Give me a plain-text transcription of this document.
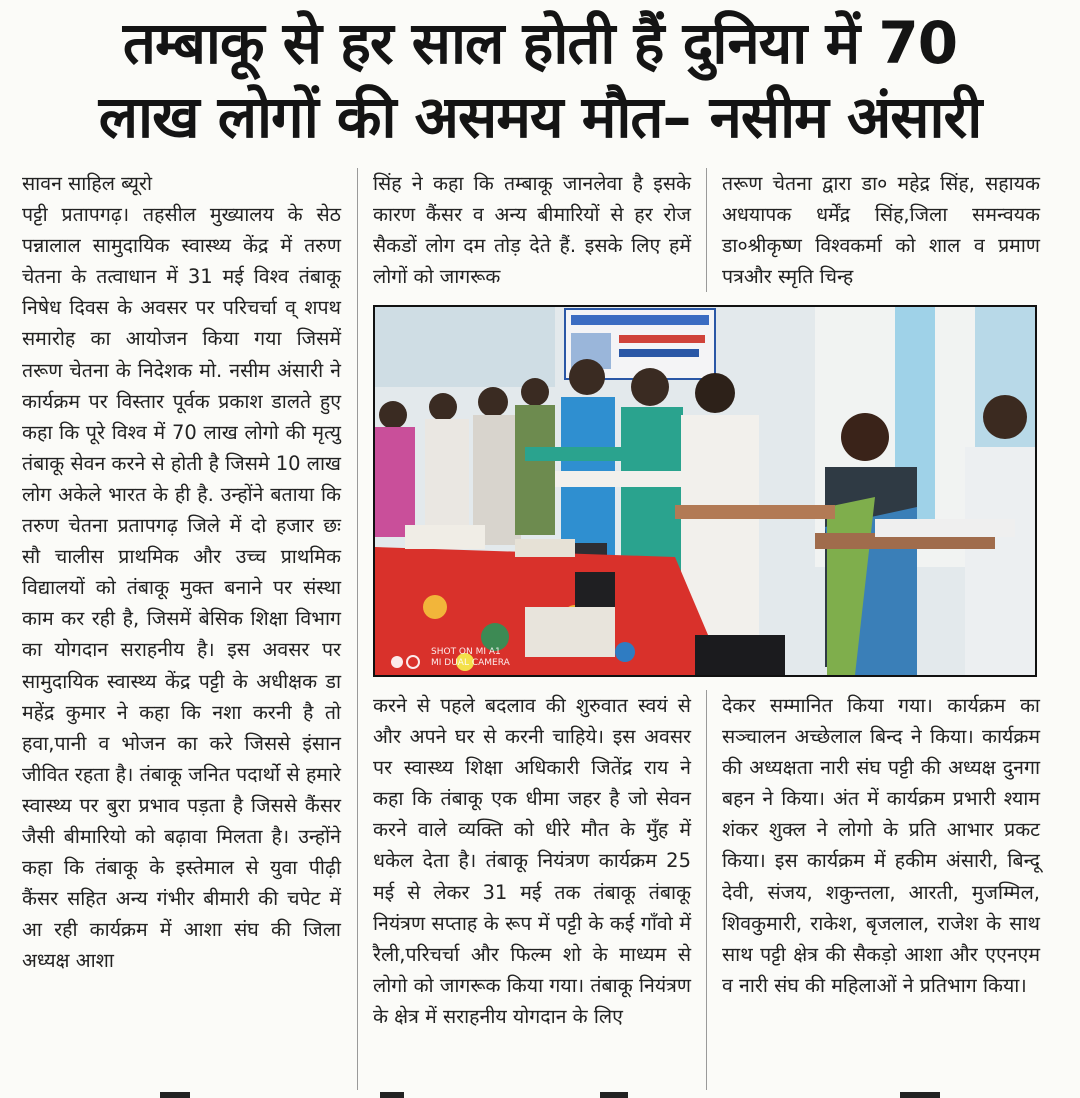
तम्बाकू से हर साल होती हैं दुनिया में 70
लाख लोगों की असमय मौत– नसीम अंसारी

सावन साहिल ब्यूरो

पट्टी प्रतापगढ़। तहसील मुख्यालय के सेठ पन्नालाल सामुदायिक स्वास्थ्य केंद्र में तरुण चेतना के तत्वाधान में 31 मई विश्व तंबाकू निषेध दिवस के अवसर पर परिचर्चा व् शपथ समारोह का आयोजन किया गया जिसमें तरूण चेतना के निदेशक मो. नसीम अंसारी ने कार्यक्रम पर विस्तार पूर्वक प्रकाश डालते हुए कहा कि पूरे विश्व में 70 लाख लोगो की मृत्यु तंबाकू सेवन करने से होती है जिसमे 10 लाख लोग अकेले भारत के ही है. उन्होंने बताया कि तरुण चेतना प्रतापगढ़ जिले में दो हजार छः सौ चालीस प्राथमिक और उच्च प्राथमिक विद्यालयों को तंबाकू मुक्त बनाने पर संस्था काम कर रही है, जिसमें बेसिक शिक्षा विभाग का योगदान सराहनीय है। इस अवसर पर सामुदायिक स्वास्थ्य केंद्र पट्टी के अधीक्षक डा महेंद्र कुमार ने कहा कि नशा करनी है तो हवा,पानी व भोजन का करे जिससे इंसान जीवित रहता है। तंबाकू जनित पदार्थो से हमारे स्वास्थ्य पर बुरा प्रभाव पड़ता है जिससे कैंसर जैसी बीमारियो को बढ़ावा मिलता है। उन्होंने कहा कि तंबाकू के इस्तेमाल से युवा पीढ़ी कैंसर सहित अन्य गंभीर बीमारी की चपेट में आ रही कार्यक्रम में आशा संघ की जिला अध्यक्ष आशा

सिंह ने कहा कि तम्बाकू जानलेवा है इसके कारण कैंसर व अन्य बीमारियों से हर रोज सैकडों लोग दम तोड़ देते हैं. इसके लिए हमें लोगों को जागरूक

तरूण चेतना द्वारा डा० महेद्र सिंह, सहायक अधयापक धर्मेंद्र सिंह,जिला समन्वयक डा०श्रीकृष्ण विश्वकर्मा को शाल व प्रमाण पत्रऔर स्मृति चिन्ह

SHOT ON MI A1
MI DUAL CAMERA

करने से पहले बदलाव की शुरुवात स्वयं से और अपने घर से करनी चाहिये। इस अवसर पर स्वास्थ्य शिक्षा अधिकारी जितेंद्र राय ने कहा कि तंबाकू एक धीमा जहर है जो सेवन करने वाले व्यक्ति को धीरे मौत के मुँह में धकेल देता है। तंबाकू नियंत्रण कार्यक्रम 25 मई से लेकर 31 मई तक तंबाकू तंबाकू नियंत्रण सप्ताह के रूप में पट्टी के कई गाँवो में रैली,परिचर्चा और फिल्म शो के माध्यम से लोगो को जागरूक किया गया। तंबाकू नियंत्रण के क्षेत्र में सराहनीय योगदान के लिए

देकर सम्मानित किया गया। कार्यक्रम का सञ्चालन अच्छेलाल बिन्द ने किया। कार्यक्रम की अध्यक्षता नारी संघ पट्टी की अध्यक्ष दुनगा बहन ने किया। अंत में कार्यक्रम प्रभारी श्याम शंकर शुक्ल ने लोगो के प्रति आभार प्रकट किया। इस कार्यक्रम में हकीम अंसारी, बिन्दू देवी, संजय, शकुन्तला, आरती, मुजम्मिल, शिवकुमारी, राकेश, बृजलाल, राजेश के साथ साथ पट्टी क्षेत्र की सैकड़ो आशा और एएनएम व नारी संघ की महिलाओं ने प्रतिभाग किया।
